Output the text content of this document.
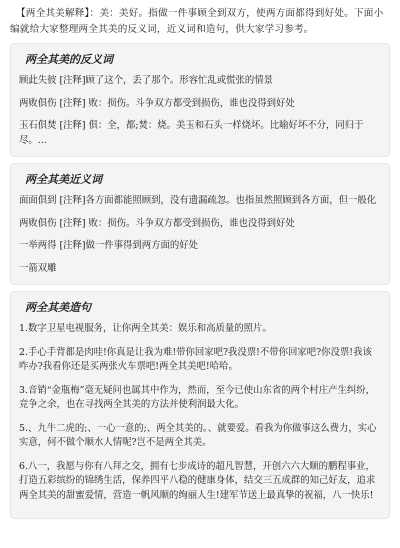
【两全其美解释】：美：美好。指做一件事顾全到双方，使两方面都得到好处。下面小编就给大家整理两全其美的反义词，近义词和造句，供大家学习参考。

两全其美的反义词

顾此失彼 [注释]顾了这个，丢了那个。形容忙乱或慌张的情景

两败俱伤 [注释] 败：损伤。斗争双方都受到损伤，谁也没得到好处

玉石俱焚 [注释] 俱：全，都;焚：烧。美玉和石头一样烧坏。比喻好坏不分，同归于尽。...

两全其美近义词

面面俱到 [注释]各方面都能照顾到，没有遗漏疏忽。也指虽然照顾到各方面，但一般化

两败俱伤 [注释] 败：损伤。斗争双方都受到损伤，谁也没得到好处

一举两得 [注释]做一件事得到两方面的好处

一箭双雕

两全其美造句

1.数字卫星电视服务，让你两全其美：娱乐和高质量的照片。

2.手心手背都是肉哇!你真是让我为难!带你回家吧?我没票!不带你回家吧?你没票!我该咋办?我看你还是买两张火车票吧!两全其美吧!哈哈。

3.音销“金瓶梅”毫无疑问也属其中作为，然而，至今已使山东省的两个村庄产生纠纷，竞争之余，也在寻找两全其美的方法并使利润最大化。

5.、九牛二虎的;、一心一意的;、两全其美的。、就要爱。看我为你做事这么费力，实心实意，何不做个顺水人情呢?岂不是两全其美。

6.八一，我愿与你有八拜之交，拥有七步成诗的超凡智慧，开创六六大顺的鹏程事业，打造五彩缤纷的锦绣生活，保养四平八稳的健康身体，结交三五成群的知己好友，追求两全其美的甜蜜爱情，营造一帆风顺的绚丽人生!建军节送上最真挚的祝福，八一快乐!
